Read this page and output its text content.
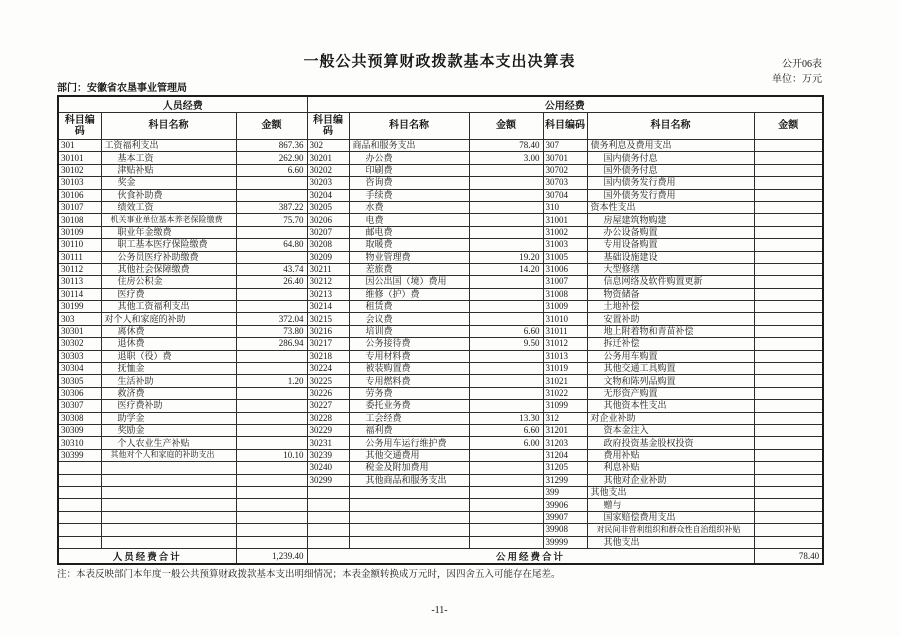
一般公共预算财政拨款基本支出决算表	公开06表
单位：万元
部门：安徽省农垦事业管理局
人员经费			公用经费					
科目编码	科目名称	金额	科目编码	科目名称	金额	科目编码	科目名称	金额
301	工资福利支出	867.36	302	商品和服务支出	78.40	307	债务利息及费用支出	
30101	基本工资	262.90	30201	办公费	3.00	30701	国内债务付息	
30102	津贴补贴	6.60	30202	印刷费		30702	国外债务付息	
30103	奖金		30203	咨询费		30703	国内债务发行费用	
30106	伙食补助费		30204	手续费		30704	国外债务发行费用	
30107	绩效工资	387.22	30205	水费		310	资本性支出	
30108	机关事业单位基本养老保险缴费	75.70	30206	电费		31001	房屋建筑物购建	
30109	职业年金缴费		30207	邮电费		31002	办公设备购置	
30110	职工基本医疗保险缴费	64.80	30208	取暖费		31003	专用设备购置	
30111	公务员医疗补助缴费		30209	物业管理费	19.20	31005	基础设施建设	
30112	其他社会保障缴费	43.74	30211	差旅费	14.20	31006	大型修缮	
30113	住房公积金	26.40	30212	因公出国（境）费用		31007	信息网络及软件购置更新	
30114	医疗费		30213	维修（护）费		31008	物资储备	
30199	其他工资福利支出		30214	租赁费		31009	土地补偿	
303	对个人和家庭的补助	372.04	30215	会议费		31010	安置补助	
30301	离休费	73.80	30216	培训费	6.60	31011	地上附着物和青苗补偿	
30302	退休费	286.94	30217	公务接待费	9.50	31012	拆迁补偿	
30303	退职（役）费		30218	专用材料费		31013	公务用车购置	
30304	抚恤金		30224	被装购置费		31019	其他交通工具购置	
30305	生活补助	1.20	30225	专用燃料费		31021	文物和陈列品购置	
30306	救济费		30226	劳务费		31022	无形资产购置	
30307	医疗费补助		30227	委托业务费		31099	其他资本性支出	
30308	助学金		30228	工会经费	13.30	312	对企业补助	
30309	奖励金		30229	福利费	6.60	31201	资本金注入	
30310	个人农业生产补贴		30231	公务用车运行维护费	6.00	31203	政府投资基金股权投资	
30399	其他对个人和家庭的补助支出	10.10	30239	其他交通费用		31204	费用补贴	
			30240	税金及附加费用		31205	利息补贴	
			30299	其他商品和服务支出		31299	其他对企业补助	
						399	其他支出	
						39906	赠与	
						39907	国家赔偿费用支出	
						39908	对民间非营利组织和群众性自治组织补贴	
						39999	其他支出	
人员经费合计		1,239.40	公用经费合计					78.40
注：本表反映部门本年度一般公共预算财政拨款基本支出明细情况；本表金额转换成万元时，因四舍五入可能存在尾差。
-11-
